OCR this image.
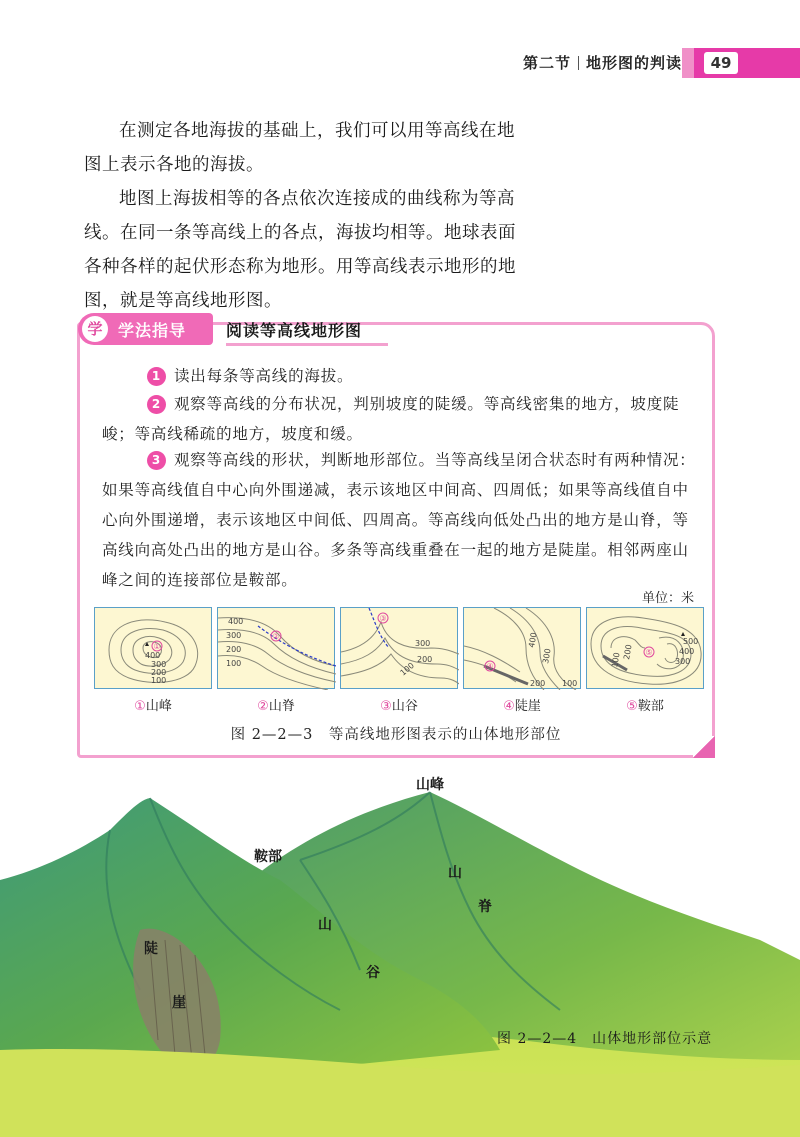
第二节 地形图的判读	49

在测定各地海拔的基础上，我们可以用等高线在地图上表示各地的海拔。

地图上海拔相等的各点依次连接成的曲线称为等高线。在同一条等高线上的各点，海拔均相等。地球表面各种各样的起伏形态称为地形。用等高线表示地形的地图，就是等高线地形图。

学 学法指导 阅读等高线地形图

1 读出每条等高线的海拔。

2 观察等高线的分布状况，判别坡度的陡缓。等高线密集的地方，坡度陡峻；等高线稀疏的地方，坡度和缓。

3 观察等高线的形状，判断地形部位。当等高线呈闭合状态时有两种情况：如果等高线值自中心向外围递减，表示该地区中间高、四周低；如果等高线值自中心向外围递增，表示该地区中间低、四周高。等高线向低处凸出的地方是山脊，等高线向高处凸出的地方是山谷。多条等高线重叠在一起的地方是陡崖。相邻两座山峰之间的连接部位是鞍部。

单位：米
①
400
300
200
100
②
400
300
200
100
③
300
200
100	④
400
300
100
200
⑤
500
400
300
200
100
①山峰	②山脊	③山谷	④陡崖	⑤鞍部
图 2—2—3　等高线地形图表示的山体地形部位
山峰
鞍部
山
脊
山
谷
陡
崖
图 2—2—4　山体地形部位示意
